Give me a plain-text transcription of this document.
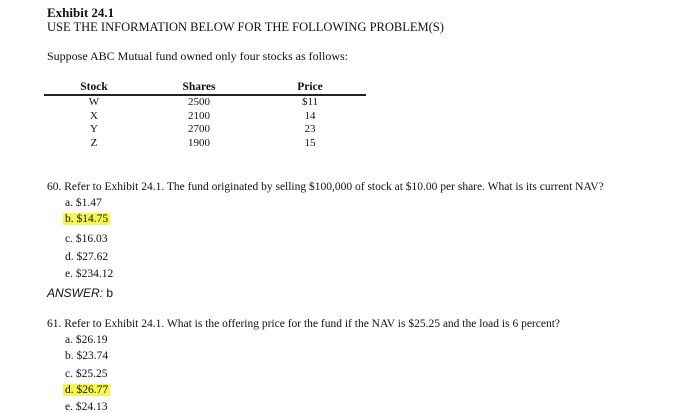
Exhibit 24.1
USE THE INFORMATION BELOW FOR THE FOLLOWING PROBLEM(S)
Suppose ABC Mutual fund owned only four stocks as follows:
Stock	Shares	Price
W	2500	$11
X	2100	14
Y	2700	23
Z	1900	15
60. Refer to Exhibit 24.1. The fund originated by selling $100,000 of stock at $10.00 per share. What is its current NAV?
a. $1.47
b. $14.75
c. $16.03
d. $27.62
e. $234.12
ANSWER: b
61. Refer to Exhibit 24.1. What is the offering price for the fund if the NAV is $25.25 and the load is 6 percent?
a. $26.19
b. $23.74
c. $25.25
d. $26.77
e. $24.13
